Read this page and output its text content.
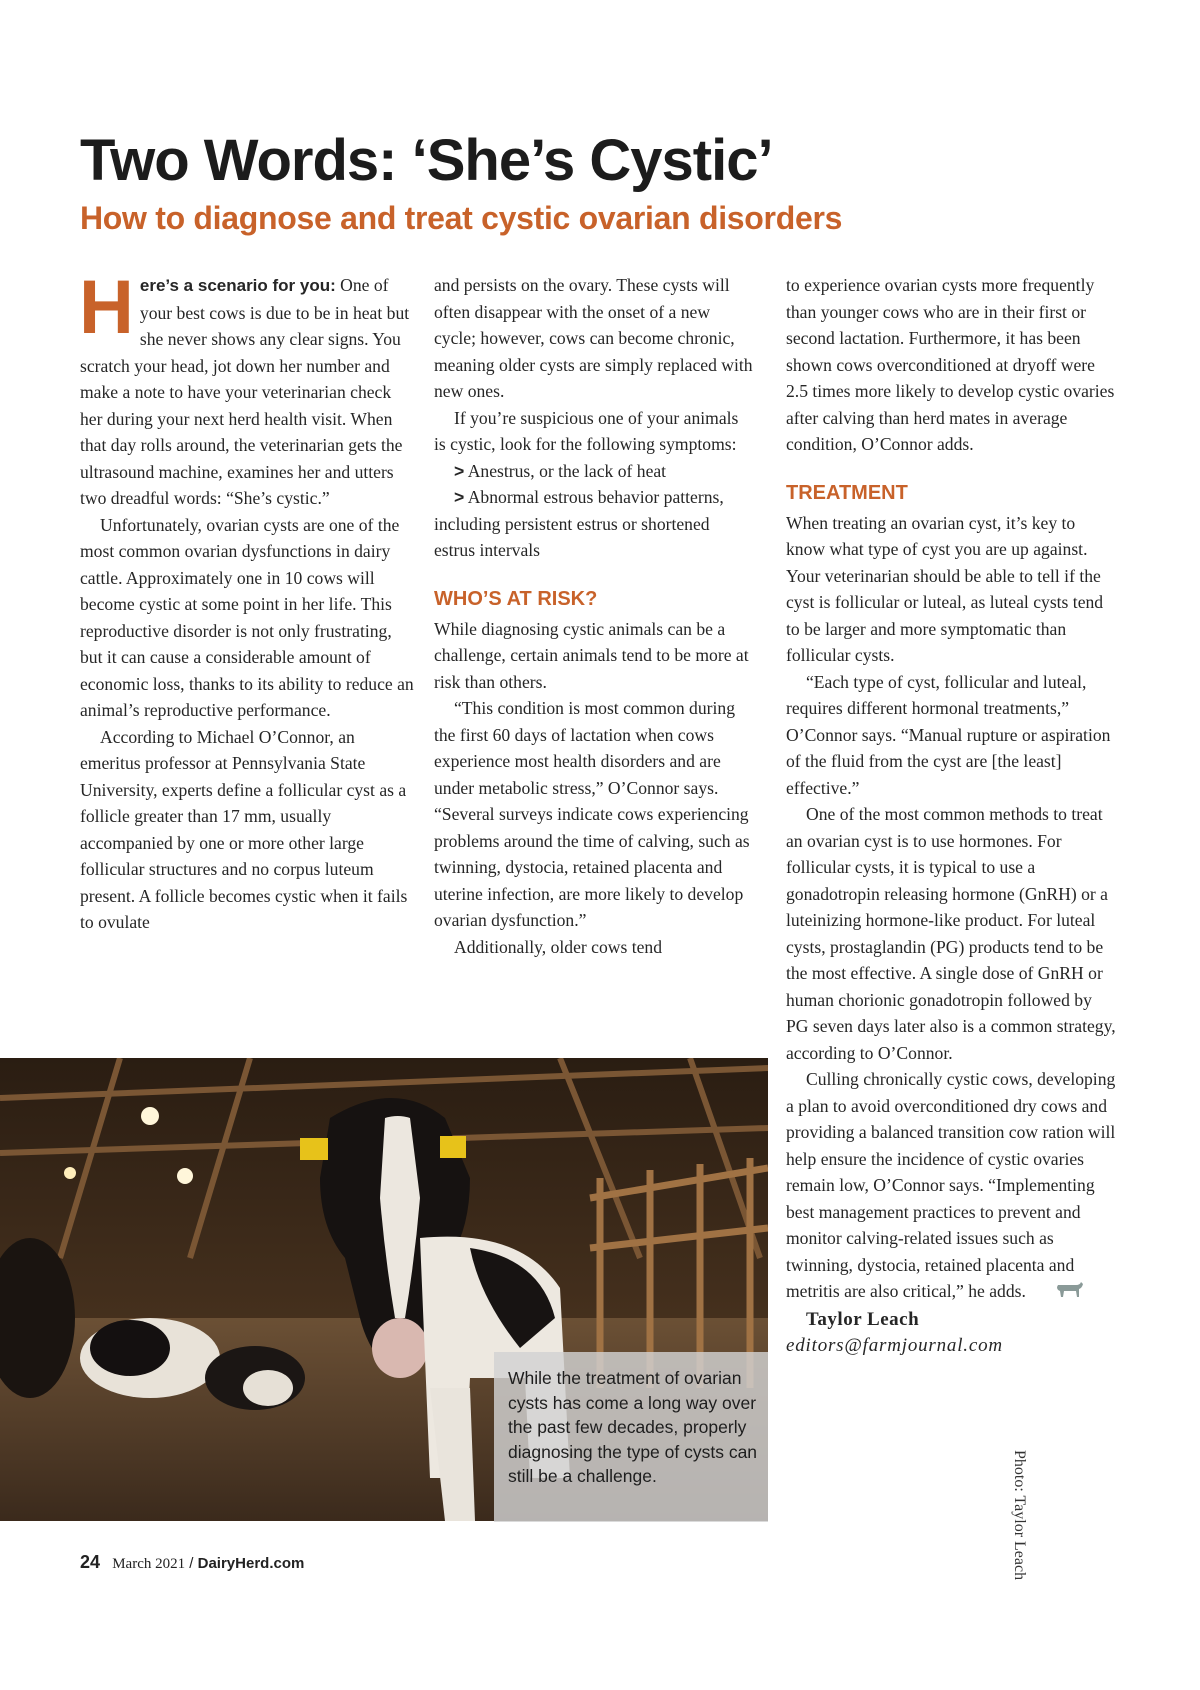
Two Words: ‘She’s Cystic’
How to diagnose and treat cystic ovarian disorders

Here’s a scenario for you: One of your best cows is due to be in heat but she never shows any clear signs. You scratch your head, jot down her number and make a note to have your veterinarian check her during your next herd health visit. When that day rolls around, the veterinarian gets the ultrasound machine, examines her and utters two dreadful words: “She’s cystic.”

Unfortunately, ovarian cysts are one of the most common ovarian dysfunctions in dairy cattle. Approximately one in 10 cows will become cystic at some point in her life. This reproductive disorder is not only frustrating, but it can cause a considerable amount of economic loss, thanks to its ability to reduce an animal’s reproductive performance.

According to Michael O’Connor, an emeritus professor at Pennsylvania State University, experts define a follicular cyst as a follicle greater than 17 mm, usually accompanied by one or more other large follicular structures and no corpus luteum present. A follicle becomes cystic when it fails to ovulate

and persists on the ovary. These cysts will often disappear with the onset of a new cycle; however, cows can become chronic, meaning older cysts are simply replaced with new ones.

If you’re suspicious one of your animals is cystic, look for the following symptoms:

> Anestrus, or the lack of heat

> Abnormal estrous behavior patterns, including persistent estrus or shortened estrus intervals

WHO’S AT RISK?

While diagnosing cystic animals can be a challenge, certain animals tend to be more at risk than others.

“This condition is most common during the first 60 days of lactation when cows experience most health disorders and are under metabolic stress,” O’Connor says. “Several surveys indicate cows experiencing problems around the time of calving, such as twinning, dystocia, retained placenta and uterine infection, are more likely to develop ovarian dysfunction.”

Additionally, older cows tend

to experience ovarian cysts more frequently than younger cows who are in their first or second lactation. Furthermore, it has been shown cows overconditioned at dryoff were 2.5 times more likely to develop cystic ovaries after calving than herd mates in average condition, O’Connor adds.

TREATMENT

When treating an ovarian cyst, it’s key to know what type of cyst you are up against. Your veterinarian should be able to tell if the cyst is follicular or luteal, as luteal cysts tend to be larger and more symptomatic than follicular cysts.

“Each type of cyst, follicular and luteal, requires different hormonal treatments,” O’Connor says. “Manual rupture or aspiration of the fluid from the cyst are [the least] effective.”

One of the most common methods to treat an ovarian cyst is to use hormones. For follicular cysts, it is typical to use a gonadotropin releasing hormone (GnRH) or a luteinizing hormone-like product. For luteal cysts, prostaglandin (PG) products tend to be the most effective. A single dose of GnRH or human chorionic gonadotropin followed by PG seven days later also is a common strategy, according to O’Connor.

Culling chronically cystic cows, developing a plan to avoid overconditioned dry cows and providing a balanced transition cow ration will help ensure the incidence of cystic ovaries remain low, O’Connor says. “Implementing best management practices to prevent and monitor calving-related issues such as twinning, dystocia, retained placenta and metritis are also critical,” he adds.

Taylor Leach

editors@farmjournal.com

While the treatment of ovarian cysts has come a long way over the past few decades, properly diagnosing the type of cysts can still be a challenge.	Photo: Taylor Leach
24 March 2021 / DairyHerd.com
